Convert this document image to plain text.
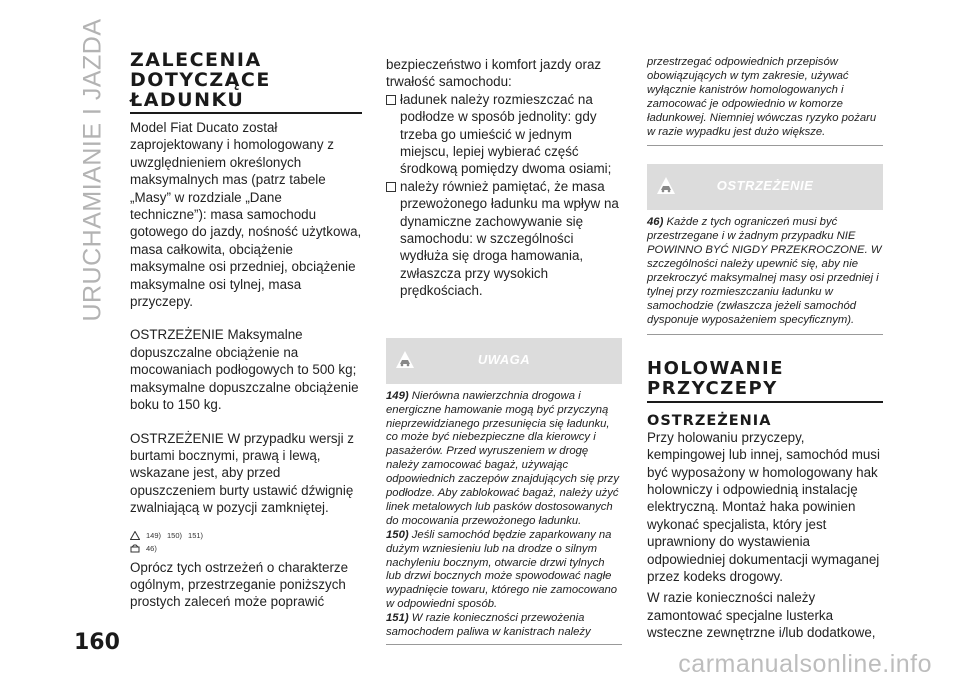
URUCHAMIANIE I JAZDA ZALECENIA
DOTYCZĄCE
ŁADUNKU

Model Fiat Ducato został zaprojektowany i homologowany z uwzględnieniem określonych maksymalnych mas (patrz tabele „Masy” w rozdziale „Dane techniczne”): masa samochodu gotowego do jazdy, nośność użytkowa, masa całkowita, obciążenie maksymalne osi przedniej, obciążenie maksymalne osi tylnej, masa przyczepy.

OSTRZEŻENIE Maksymalne dopuszczalne obciążenie na mocowaniach podłogowych to 500 kg; maksymalne dopuszczalne obciążenie boku to 150 kg.

OSTRZEŻENIE W przypadku wersji z burtami bocznymi, prawą i lewą, wskazane jest, aby przed opuszczeniem burty ustawić dźwignię zwalniającą w pozycji zamkniętej.

149) 150) 151)
46)

Oprócz tych ostrzeżeń o charakterze ogólnym, przestrzeganie poniższych prostych zaleceń może poprawić

bezpieczeństwo i komfort jazdy oraz trwałość samochodu:

ładunek należy rozmieszczać na podłodze w sposób jednolity: gdy trzeba go umieścić w jednym miejscu, lepiej wybierać część środkową pomiędzy dwoma osiami;

należy również pamiętać, że masa przewożonego ładunku ma wpływ na dynamiczne zachowywanie się samochodu: w szczególności wydłuża się droga hamowania, zwłaszcza przy wysokich prędkościach.

UWAGA
149) Nierówna nawierzchnia drogowa i energiczne hamowanie mogą być przyczyną nieprzewidzianego przesunięcia się ładunku, co może być niebezpieczne dla kierowcy i pasażerów. Przed wyruszeniem w drogę należy zamocować bagaż, używając odpowiednich zaczepów znajdujących się przy podłodze. Aby zablokować bagaż, należy użyć linek metalowych lub pasków dostosowanych do mocowania przewożonego ładunku.
150) Jeśli samochód będzie zaparkowany na dużym wzniesieniu lub na drodze o silnym nachyleniu bocznym, otwarcie drzwi tylnych lub drzwi bocznych może spowodować nagłe wypadnięcie towaru, którego nie zamocowano w odpowiedni sposób.
151) W razie konieczności przewożenia samochodem paliwa w kanistrach należy
przestrzegać odpowiednich przepisów obowiązujących w tym zakresie, używać wyłącznie kanistrów homologowanych i zamocować je odpowiednio w komorze ładunkowej. Niemniej wówczas ryzyko pożaru w razie wypadku jest dużo większe.
OSTRZEŻENIE
46) Każde z tych ograniczeń musi być przestrzegane i w żadnym przypadku NIE POWINNO BYĆ NIGDY PRZEKROCZONE. W szczególności należy upewnić się, aby nie przekroczyć maksymalnej masy osi przedniej i tylnej przy rozmieszczaniu ładunku w samochodzie (zwłaszcza jeżeli samochód dysponuje wyposażeniem specyficznym).
HOLOWANIE
PRZYCZEPY
OSTRZEŻENIA

Przy holowaniu przyczepy, kempingowej lub innej, samochód musi być wyposażony w homologowany hak holowniczy i odpowiednią instalację elektryczną. Montaż haka powinien wykonać specjalista, który jest uprawniony do wystawienia odpowiedniej dokumentacji wymaganej przez kodeks drogowy.

W razie konieczności należy zamontować specjalne lusterka wsteczne zewnętrzne i/lub dodatkowe,

160
carmanualsonline.info
